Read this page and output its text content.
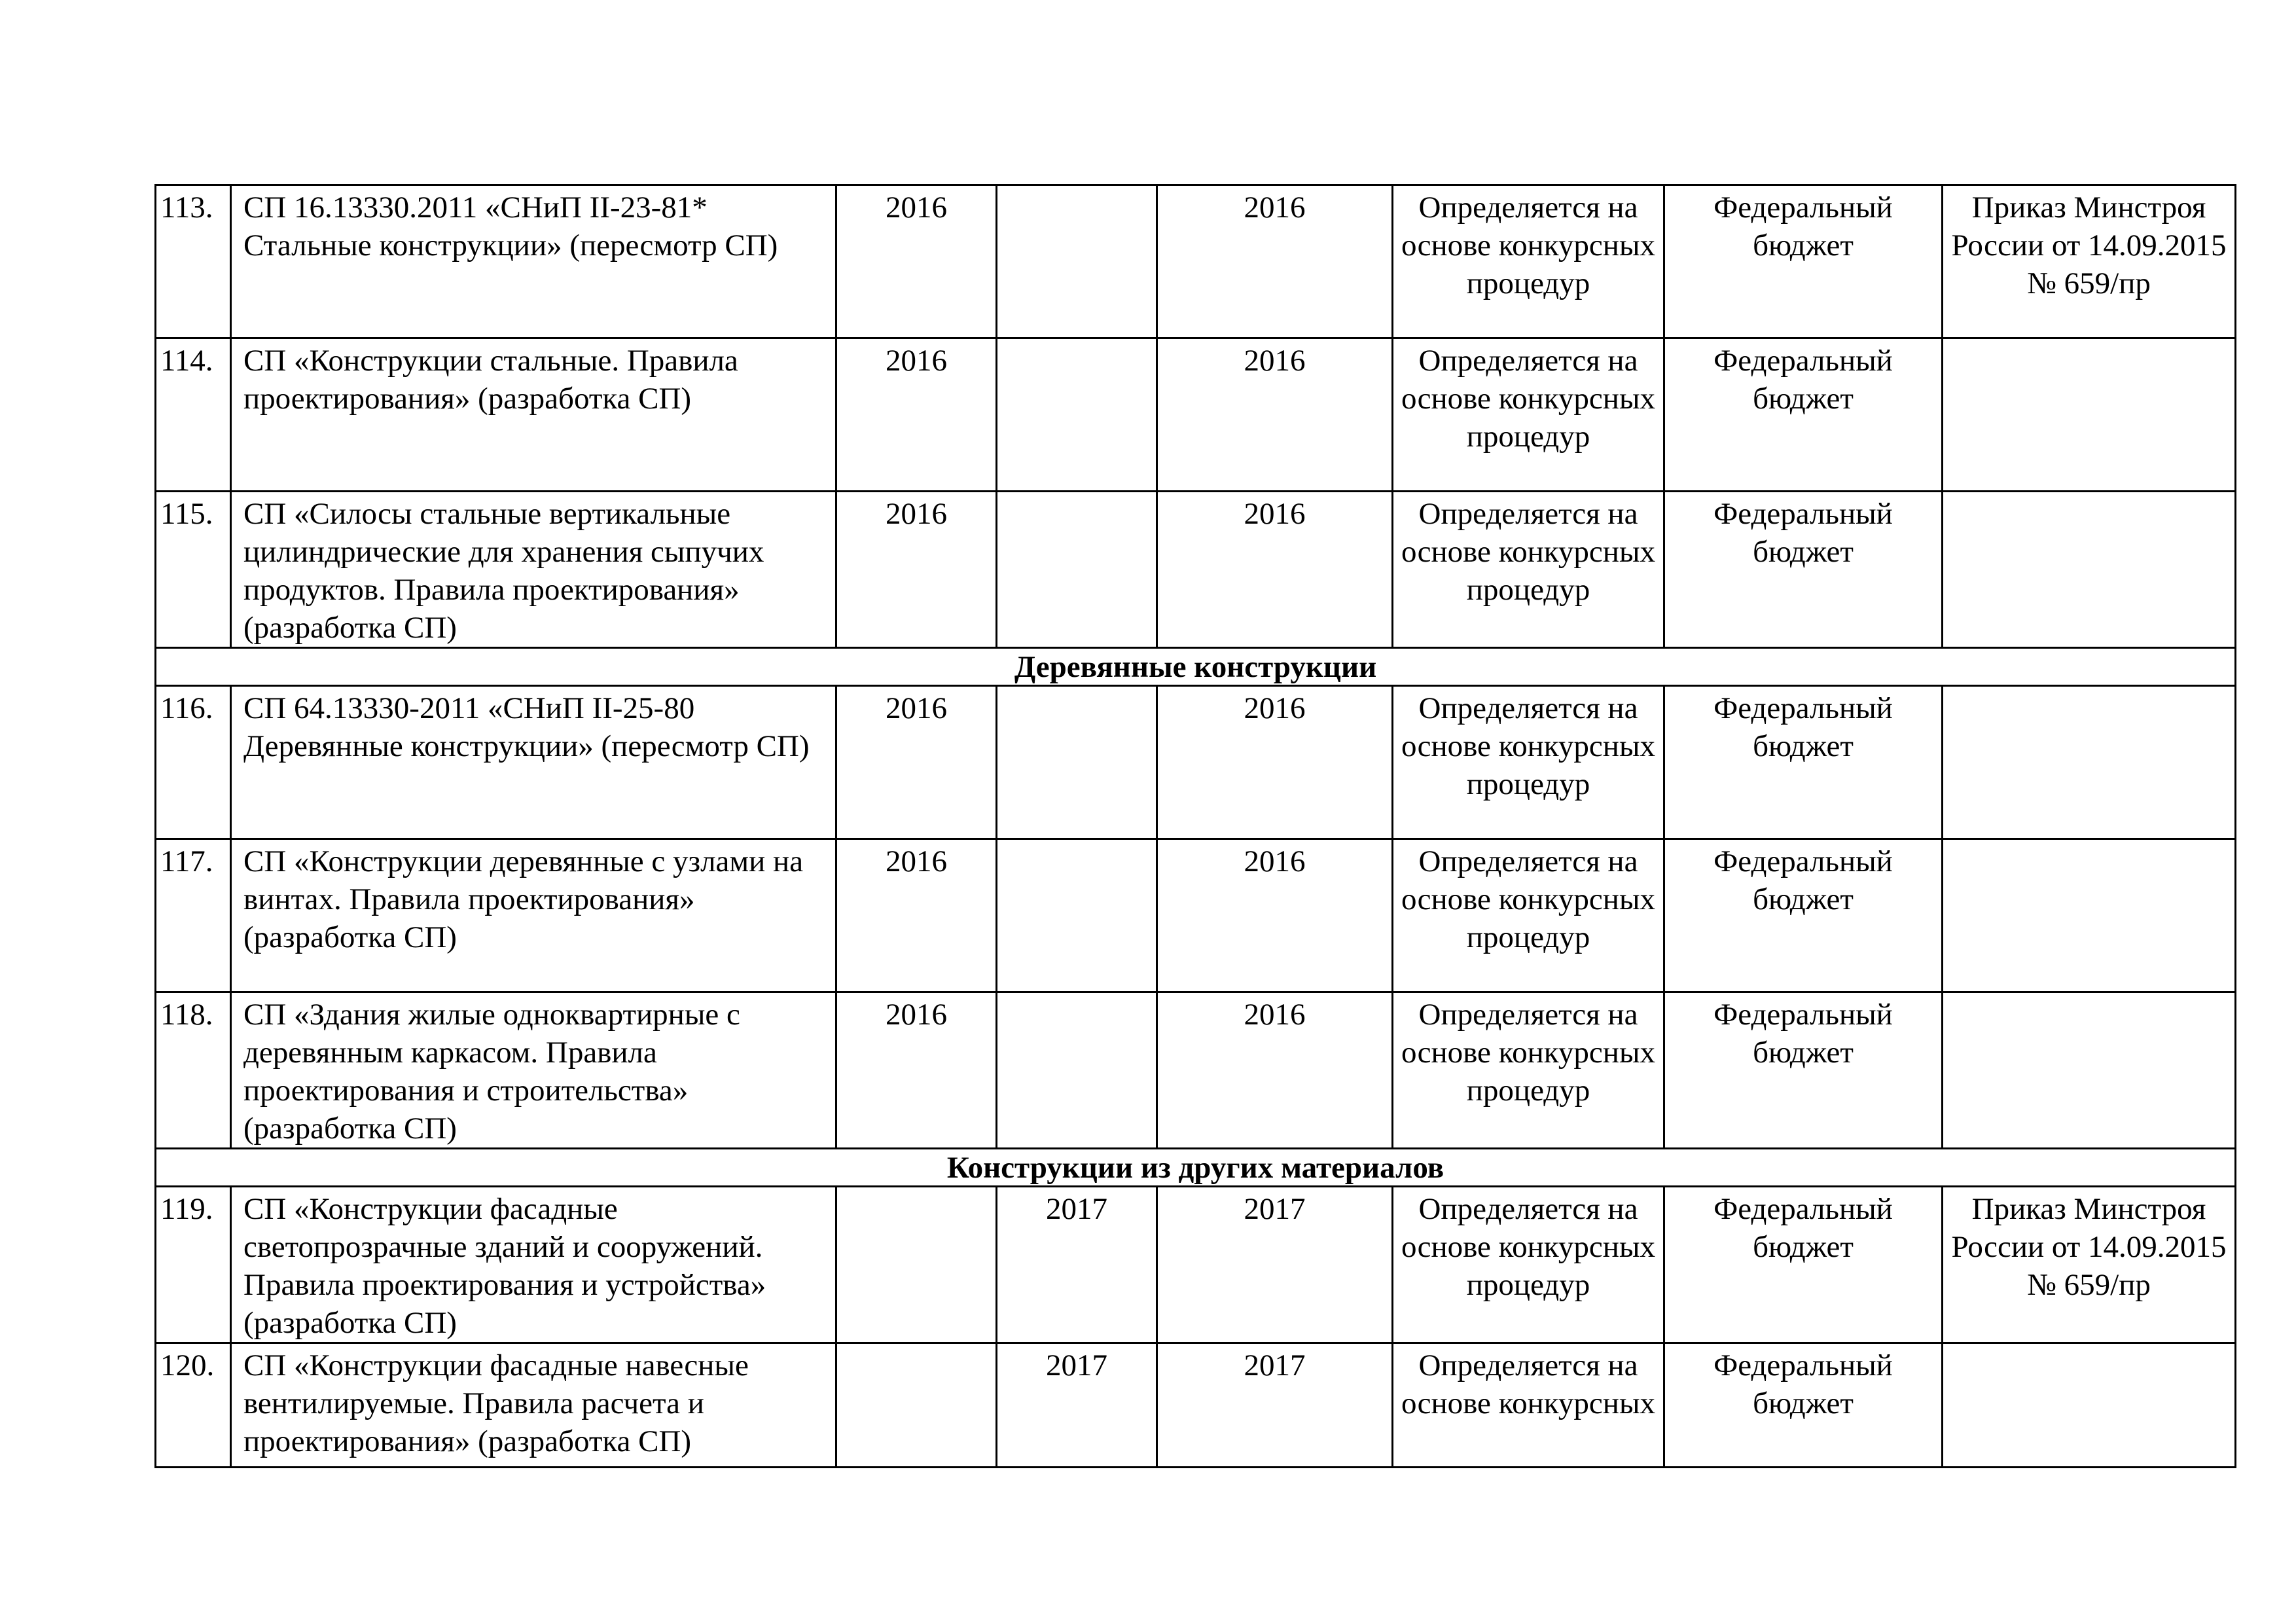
113.	СП 16.13330.2011 «СНиП II-23-81* Стальные конструкции» (пересмотр СП)	2016		2016	Определяется на основе конкурсных процедур	Федеральный бюджет	Приказ Минстроя России от 14.09.2015 № 659/пр
114.	СП «Конструкции стальные. Правила проектирования» (разработка СП)	2016		2016	Определяется на основе конкурсных процедур	Федеральный бюджет	
115.	СП «Силосы стальные вертикальные цилиндрические для хранения сыпучих продуктов. Правила проектирования» (разработка СП)	2016		2016	Определяется на основе конкурсных процедур	Федеральный бюджет	
Деревянные конструкции							
116.	СП 64.13330-2011 «СНиП II-25-80 Деревянные конструкции» (пересмотр СП)	2016		2016	Определяется на основе конкурсных процедур	Федеральный бюджет	
117.	СП «Конструкции деревянные с узлами на винтах. Правила проектирования» (разработка СП)	2016		2016	Определяется на основе конкурсных процедур	Федеральный бюджет	
118.	СП «Здания жилые одноквартирные с деревянным каркасом. Правила проектирования и строительства» (разработка СП)	2016		2016	Определяется на основе конкурсных процедур	Федеральный бюджет	
Конструкции из других материалов							
119.	СП «Конструкции фасадные светопрозрачные зданий и сооружений. Правила проектирования и устройства» (разработка СП)		2017	2017	Определяется на основе конкурсных процедур	Федеральный бюджет	Приказ Минстроя России от 14.09.2015 № 659/пр
120.	СП «Конструкции фасадные навесные вентилируемые. Правила расчета и проектирования» (разработка СП)		2017	2017	Определяется на основе конкурсных	Федеральный бюджет	
